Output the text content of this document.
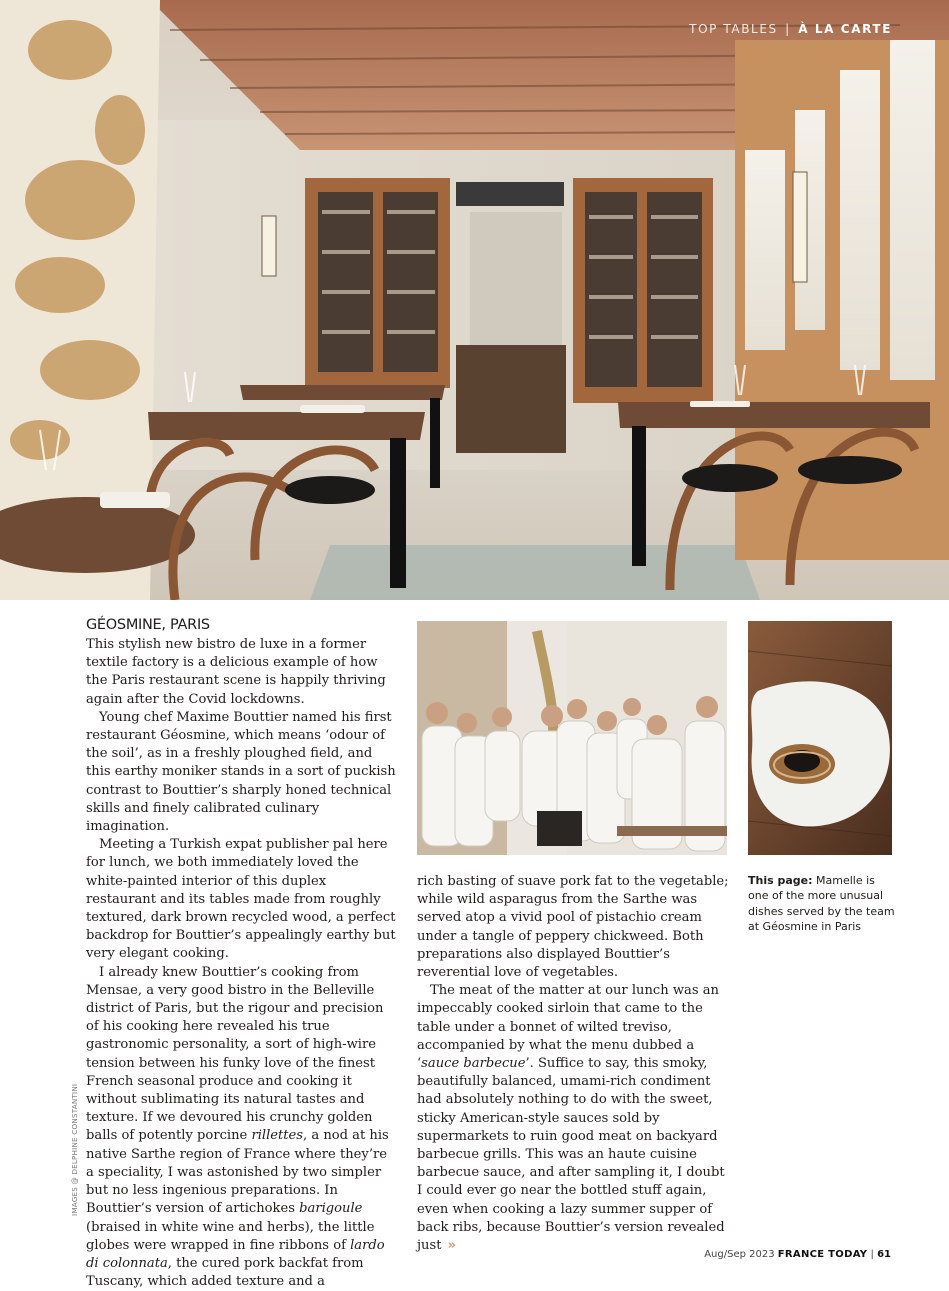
TOP TABLES | À LA CARTE
GÉOSMINE, PARIS

This stylish new bistro de luxe in a former textile factory is a delicious example of how the Paris restaurant scene is happily thriving again after the Covid lockdowns.

Young chef Maxime Bouttier named his first restaurant Géosmine, which means ‘odour of the soil’, as in a freshly ploughed field, and this earthy moniker stands in a sort of puckish contrast to Bouttier’s sharply honed technical skills and finely calibrated culinary imagination.

Meeting a Turkish expat publisher pal here for lunch, we both immediately loved the white-painted interior of this duplex restaurant and its tables made from roughly textured, dark brown recycled wood, a perfect backdrop for Bouttier’s appealingly earthy but very elegant cooking.

I already knew Bouttier’s cooking from Mensae, a very good bistro in the Belleville district of Paris, but the rigour and precision of his cooking here revealed his true gastronomic personality, a sort of high-wire tension between his funky love of the finest French seasonal produce and cooking it without sublimating its natural tastes and texture. If we devoured his crunchy golden balls of potently porcine rillettes, a nod at his native Sarthe region of France where they’re a speciality, I was astonished by two simpler but no less ingenious preparations. In Bouttier’s version of artichokes barigoule (braised in white wine and herbs), the little globes were wrapped in fine ribbons of lardo di colonnata, the cured pork backfat from Tuscany, which added texture and a

rich basting of suave pork fat to the vegetable; while wild asparagus from the Sarthe was served atop a vivid pool of pistachio cream under a tangle of peppery chickweed. Both preparations also displayed Bouttier’s reverential love of vegetables.

The meat of the matter at our lunch was an impeccably cooked sirloin that came to the table under a bonnet of wilted treviso, accompanied by what the menu dubbed a ‘sauce barbecue’. Suffice to say, this smoky, beautifully balanced, umami-rich condiment had absolutely nothing to do with the sweet, sticky American-style sauces sold by supermarkets to ruin good meat on backyard barbecue grills. This was an haute cuisine barbecue sauce, and after sampling it, I doubt I could ever go near the bottled stuff again, even when cooking a lazy summer supper of back ribs, because Bouttier’s version revealed just »

This page: Mamelle is one of the more unusual dishes served by the team at Géosmine in Paris
IMAGES @ DELPHINE CONSTANTINI
Aug/Sep 2023 FRANCE TODAY | 61
